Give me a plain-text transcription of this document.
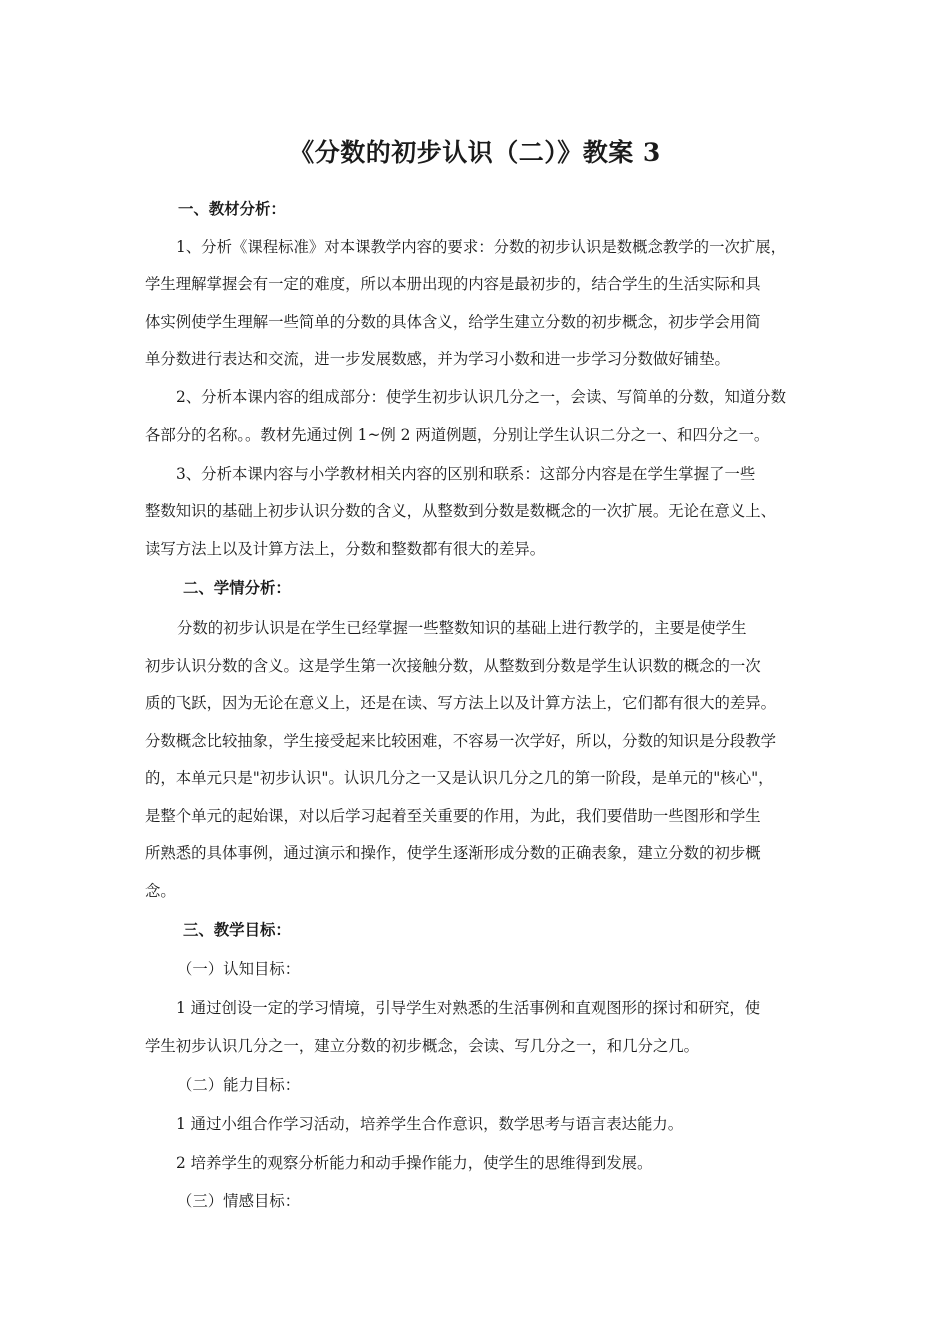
《分数的初步认识（二）》教案 3
一、教材分析：
1、分析《课程标准》对本课教学内容的要求：分数的初步认识是数概念教学的一次扩展，
学生理解掌握会有一定的难度，所以本册出现的内容是最初步的，结合学生的生活实际和具
体实例使学生理解一些简单的分数的具体含义，给学生建立分数的初步概念，初步学会用简
单分数进行表达和交流，进一步发展数感，并为学习小数和进一步学习分数做好铺垫。
2、分析本课内容的组成部分：使学生初步认识几分之一，会读、写简单的分数，知道分数
各部分的名称。。教材先通过例 1~例 2 两道例题，分别让学生认识二分之一、和四分之一。
3、分析本课内容与小学教材相关内容的区别和联系：这部分内容是在学生掌握了一些
整数知识的基础上初步认识分数的含义，从整数到分数是数概念的一次扩展。无论在意义上、
读写方法上以及计算方法上，分数和整数都有很大的差异。
二、学情分析：
分数的初步认识是在学生已经掌握一些整数知识的基础上进行教学的，主要是使学生
初步认识分数的含义。这是学生第一次接触分数，从整数到分数是学生认识数的概念的一次
质的飞跃，因为无论在意义上，还是在读、写方法上以及计算方法上，它们都有很大的差异。
分数概念比较抽象，学生接受起来比较困难，不容易一次学好，所以，分数的知识是分段教学
的，本单元只是"初步认识"。认识几分之一又是认识几分之几的第一阶段，是单元的"核心"，
是整个单元的起始课，对以后学习起着至关重要的作用，为此，我们要借助一些图形和学生
所熟悉的具体事例，通过演示和操作，使学生逐渐形成分数的正确表象，建立分数的初步概
念。
三、教学目标：
（一）认知目标：
1 通过创设一定的学习情境，引导学生对熟悉的生活事例和直观图形的探讨和研究，使
学生初步认识几分之一，建立分数的初步概念，会读、写几分之一，和几分之几。
（二）能力目标：
1 通过小组合作学习活动，培养学生合作意识，数学思考与语言表达能力。
2 培养学生的观察分析能力和动手操作能力，使学生的思维得到发展。
（三）情感目标：
